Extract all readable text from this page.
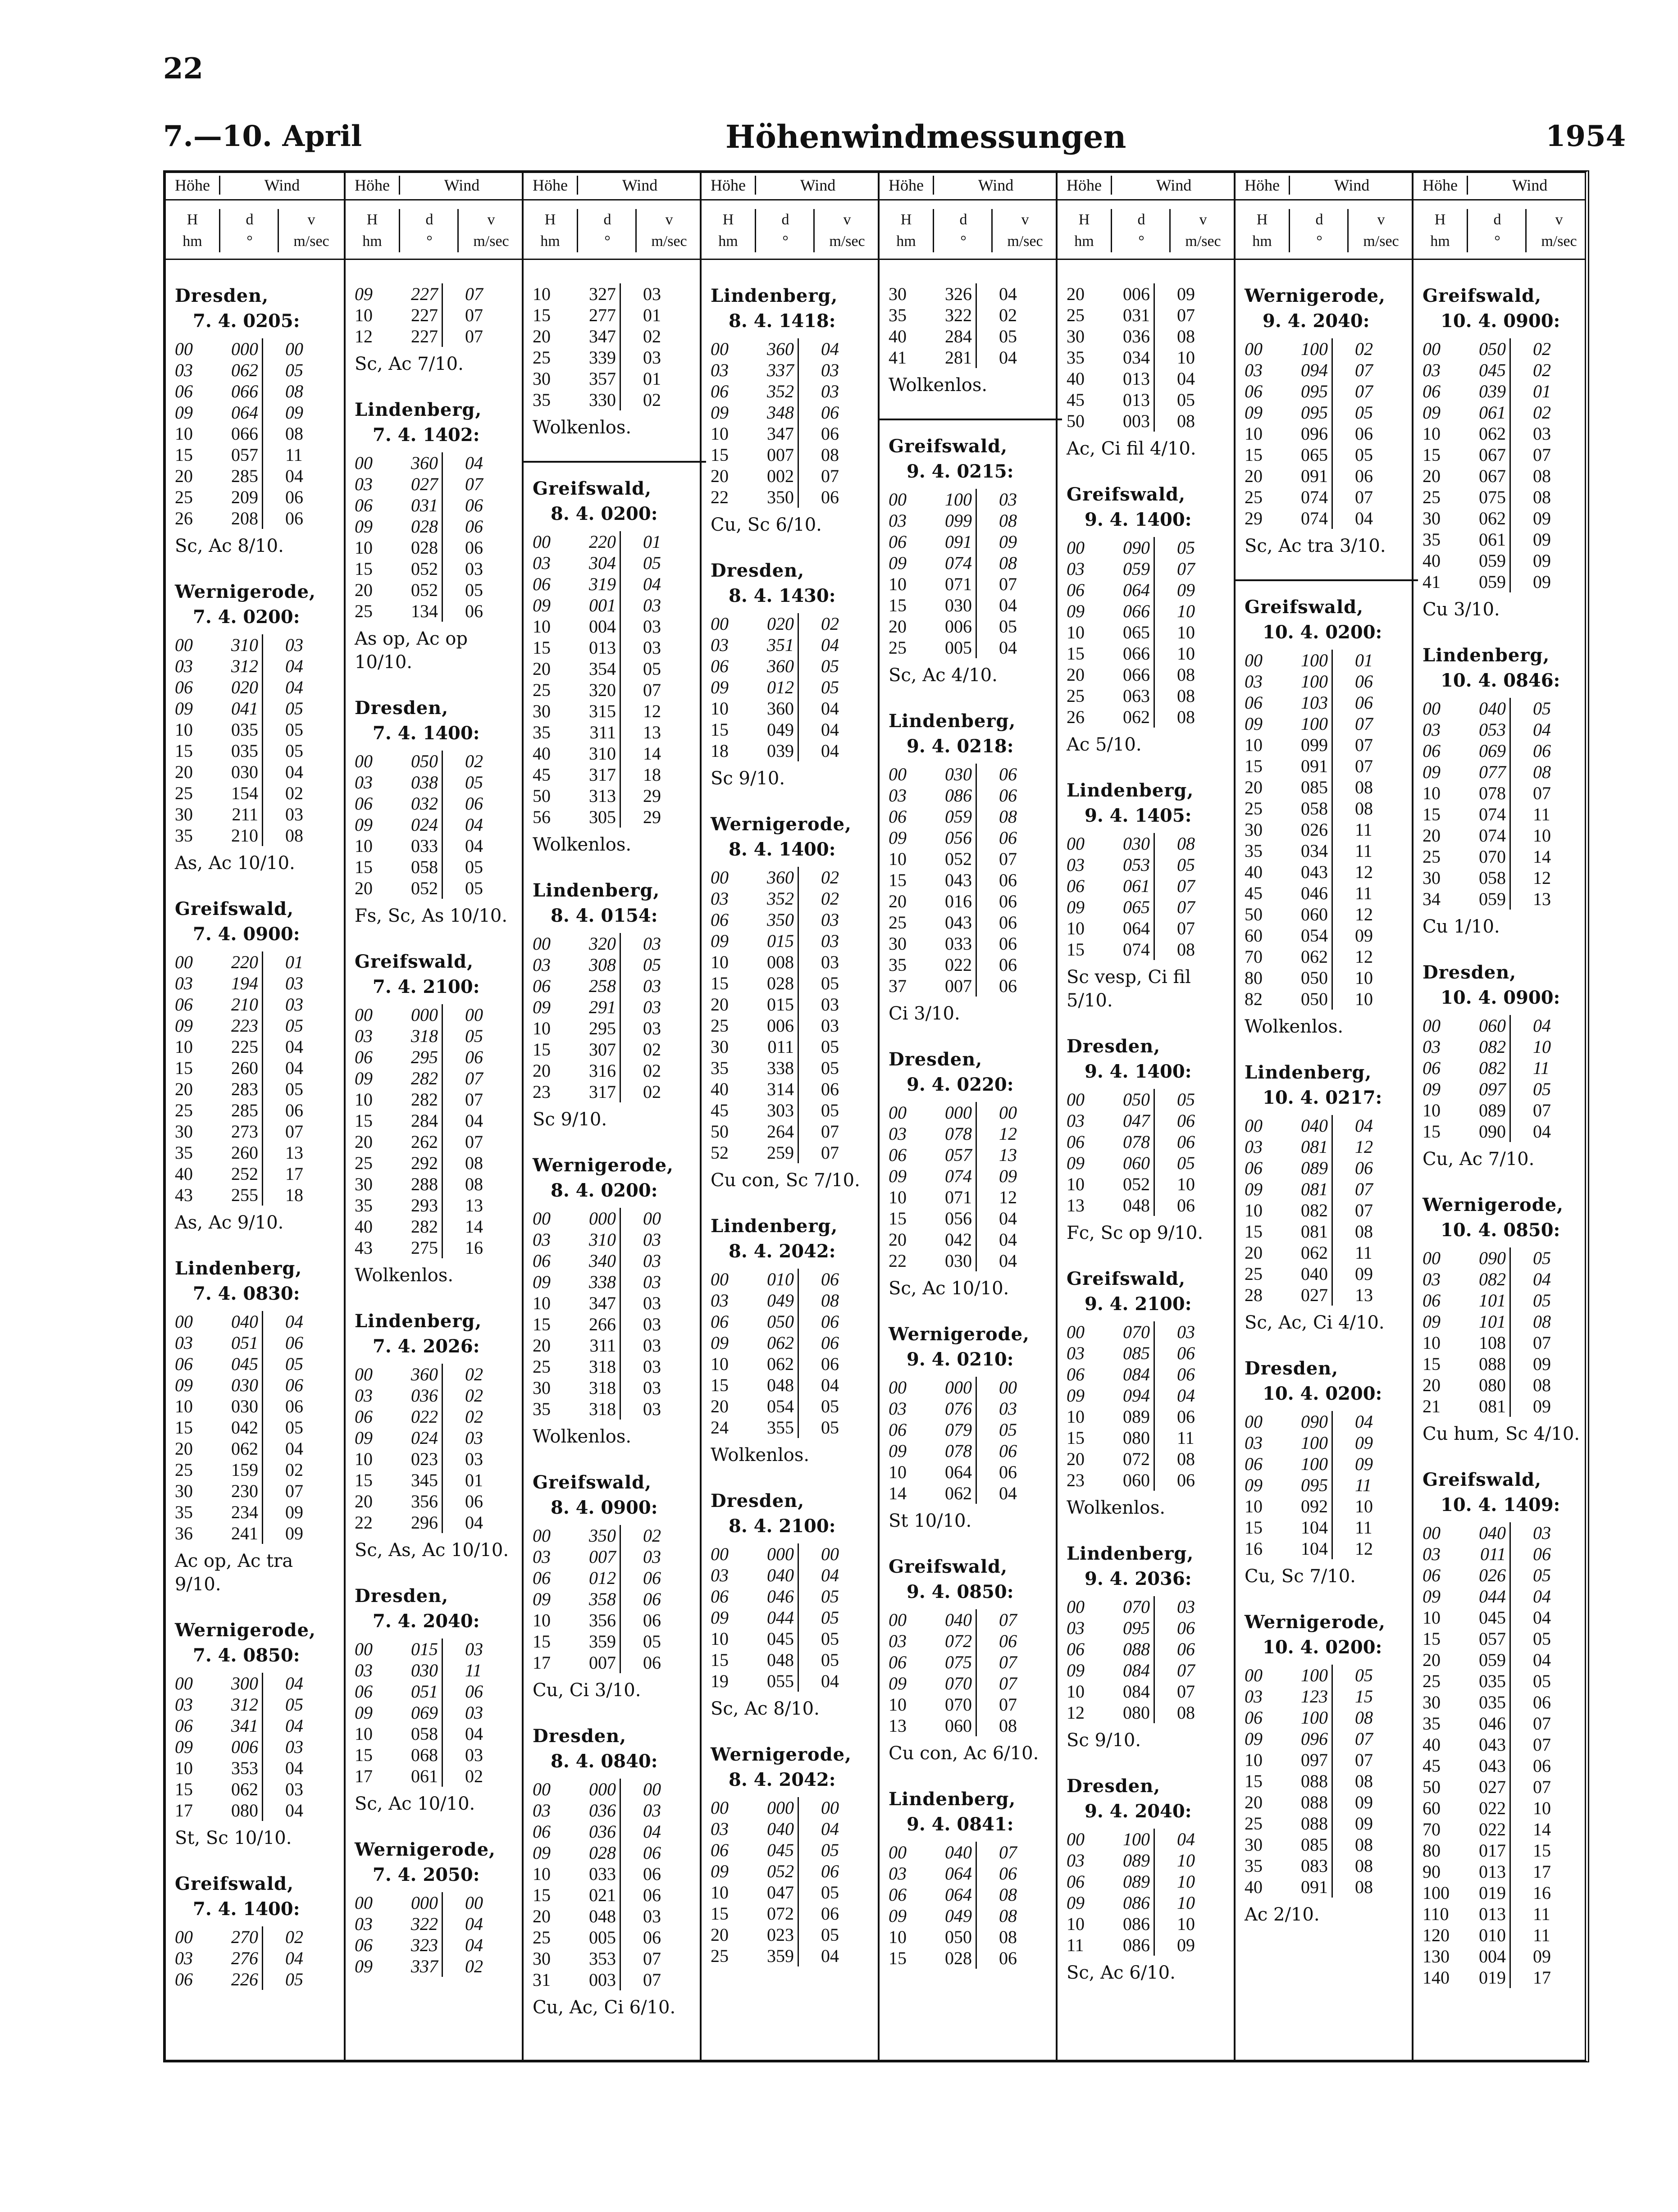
22
7.—10. April	Höhenwindmessungen	1954
Höhe	Wind
H
hm
d
°
v
m/sec
Dresden,
7. 4. 0205:
00	000 00
03	062 05
06	066 08
09	064 09
10	066 08
15	057 11
20	285 04
25	209 06
26	208 06
Sc, Ac 8/10.
Wernigerode,
7. 4. 0200:
00	310 03
03	312 04
06	020 04
09	041 05
10	035 05
15	035 05
20	030 04
25	154 02
30	211 03
35	210 08
As, Ac 10/10.
Greifswald,
7. 4. 0900:
00	220 01
03	194 03
06	210 03
09	223 05
10	225 04
15	260 04
20	283 05
25	285 06
30	273 07
35	260 13
40	252 17
43	255 18
As, Ac 9/10.
Lindenberg,
7. 4. 0830:
00	040 04
03	051 06
06	045 05
09	030 06
10	030 06
15	042 05
20	062 04
25	159 02
30	230 07
35	234 09
36	241 09
Ac op, Ac tra 9/10.
Wernigerode,
7. 4. 0850:
00	300 04
03	312 05
06	341 04
09	006 03
10	353 04
15	062 03
17	080 04
St, Sc 10/10.
Greifswald,
7. 4. 1400:
00	270 02
03	276 04
06	226 05
Höhe	Wind
H
hm
d
°
v
m/sec
09	227 07
10	227 07
12	227 07
Sc, Ac 7/10.
Lindenberg,
7. 4. 1402:
00	360 04
03	027 07
06	031 06
09	028 06
10	028 06
15	052 03
20	052 05
25	134 06
As op, Ac op 10/10.
Dresden,
7. 4. 1400:
00	050 02
03	038 05
06	032 06
09	024 04
10	033 04
15	058 05
20	052 05
Fs, Sc, As 10/10.
Greifswald,
7. 4. 2100:
00	000 00
03	318 05
06	295 06
09	282 07
10	282 07
15	284 04
20	262 07
25	292 08
30	288 08
35	293 13
40	282 14
43	275 16
Wolkenlos.
Lindenberg,
7. 4. 2026:
00	360 02
03	036 02
06	022 02
09	024 03
10	023 03
15	345 01
20	356 06
22	296 04
Sc, As, Ac 10/10.
Dresden,
7. 4. 2040:
00	015 03
03	030 11
06	051 06
09	069 03
10	058 04
15	068 03
17	061 02
Sc, Ac 10/10.
Wernigerode,
7. 4. 2050:
00	000 00
03	322 04
06	323 04
09	337 02
Höhe	Wind
H
hm
d
°
v
m/sec
10	327 03
15	277 01
20	347 02
25	339 03
30	357 01
35	330 02
Wolkenlos.
Greifswald,
8. 4. 0200:
00	220 01
03	304 05
06	319 04
09	001 03
10	004 03
15	013 03
20	354 05
25	320 07
30	315 12
35	311 13
40	310 14
45	317 18
50	313 29
56	305 29
Wolkenlos.
Lindenberg,
8. 4. 0154:
00	320 03
03	308 05
06	258 03
09	291 03
10	295 03
15	307 02
20	316 02
23	317 02
Sc 9/10.
Wernigerode,
8. 4. 0200:
00	000 00
03	310 03
06	340 03
09	338 03
10	347 03
15	266 03
20	311 03
25	318 03
30	318 03
35	318 03
Wolkenlos.
Greifswald,
8. 4. 0900:
00	350 02
03	007 03
06	012 06
09	358 06
10	356 06
15	359 05
17	007 06
Cu, Ci 3/10.
Dresden,
8. 4. 0840:
00	000 00
03	036 03
06	036 04
09	028 06
10	033 06
15	021 06
20	048 03
25	005 06
30	353 07
31	003 07
Cu, Ac, Ci 6/10.
Höhe	Wind
H
hm
d
°
v
m/sec
Lindenberg,
8. 4. 1418:
00	360 04
03	337 03
06	352 03
09	348 06
10	347 06
15	007 08
20	002 07
22	350 06
Cu, Sc 6/10.
Dresden,
8. 4. 1430:
00	020 02
03	351 04
06	360 05
09	012 05
10	360 04
15	049 04
18	039 04
Sc 9/10.
Wernigerode,
8. 4. 1400:
00	360 02
03	352 02
06	350 03
09	015 03
10	008 03
15	028 05
20	015 03
25	006 03
30	011 05
35	338 05
40	314 06
45	303 05
50	264 07
52	259 07
Cu con, Sc 7/10.
Lindenberg,
8. 4. 2042:
00	010 06
03	049 08
06	050 06
09	062 06
10	062 06
15	048 04
20	054 05
24	355 05
Wolkenlos.
Dresden,
8. 4. 2100:
00	000 00
03	040 04
06	046 05
09	044 05
10	045 05
15	048 05
19	055 04
Sc, Ac 8/10.
Wernigerode,
8. 4. 2042:
00	000 00
03	040 04
06	045 05
09	052 06
10	047 05
15	072 06
20	023 05
25	359 04
Höhe	Wind
H
hm
d
°
v
m/sec
30	326 04
35	322 02
40	284 05
41	281 04
Wolkenlos.
Greifswald,
9. 4. 0215:
00	100 03
03	099 08
06	091 09
09	074 08
10	071 07
15	030 04
20	006 05
25	005 04
Sc, Ac 4/10.
Lindenberg,
9. 4. 0218:
00	030 06
03	086 06
06	059 08
09	056 06
10	052 07
15	043 06
20	016 06
25	043 06
30	033 06
35	022 06
37	007 06
Ci 3/10.
Dresden,
9. 4. 0220:
00	000 00
03	078 12
06	057 13
09	074 09
10	071 12
15	056 04
20	042 04
22	030 04
Sc, Ac 10/10.
Wernigerode,
9. 4. 0210:
00	000 00
03	076 03
06	079 05
09	078 06
10	064 06
14	062 04
St 10/10.
Greifswald,
9. 4. 0850:
00	040 07
03	072 06
06	075 07
09	070 07
10	070 07
13	060 08
Cu con, Ac 6/10.
Lindenberg,
9. 4. 0841:
00	040 07
03	064 06
06	064 08
09	049 08
10	050 08
15	028 06
Höhe	Wind
H
hm
d
°
v
m/sec
20	006 09
25	031 07
30	036 08
35	034 10
40	013 04
45	013 05
50	003 08
Ac, Ci fil 4/10.
Greifswald,
9. 4. 1400:
00	090 05
03	059 07
06	064 09
09	066 10
10	065 10
15	066 10
20	066 08
25	063 08
26	062 08
Ac 5/10.
Lindenberg,
9. 4. 1405:
00	030 08
03	053 05
06	061 07
09	065 07
10	064 07
15	074 08
Sc vesp, Ci fil 5/10.
Dresden,
9. 4. 1400:
00	050 05
03	047 06
06	078 06
09	060 05
10	052 10
13	048 06
Fc, Sc op 9/10.
Greifswald,
9. 4. 2100:
00	070 03
03	085 06
06	084 06
09	094 04
10	089 06
15	080 11
20	072 08
23	060 06
Wolkenlos.
Lindenberg,
9. 4. 2036:
00	070 03
03	095 06
06	088 06
09	084 07
10	084 07
12	080 08
Sc 9/10.
Dresden,
9. 4. 2040:
00	100 04
03	089 10
06	089 10
09	086 10
10	086 10
11	086 09
Sc, Ac 6/10.
Höhe	Wind
H
hm
d
°
v
m/sec
Wernigerode,
9. 4. 2040:
00	100 02
03	094 07
06	095 07
09	095 05
10	096 06
15	065 05
20	091 06
25	074 07
29	074 04
Sc, Ac tra 3/10.
Greifswald,
10. 4. 0200:
00	100 01
03	100 06
06	103 06
09	100 07
10	099 07
15	091 07
20	085 08
25	058 08
30	026 11
35	034 11
40	043 12
45	046 11
50	060 12
60	054 09
70	062 12
80	050 10
82	050 10
Wolkenlos.
Lindenberg,
10. 4. 0217:
00	040 04
03	081 12
06	089 06
09	081 07
10	082 07
15	081 08
20	062 11
25	040 09
28	027 13
Sc, Ac, Ci 4/10.
Dresden,
10. 4. 0200:
00	090 04
03	100 09
06	100 09
09	095 11
10	092 10
15	104 11
16	104 12
Cu, Sc 7/10.
Wernigerode,
10. 4. 0200:
00	100 05
03	123 15
06	100 08
09	096 07
10	097 07
15	088 08
20	088 09
25	088 09
30	085 08
35	083 08
40	091 08
Ac 2/10.
Höhe	Wind
H
hm
d
°
v
m/sec
Greifswald,
10. 4. 0900:
00	050 02
03	045 02
06	039 01
09	061 02
10	062 03
15	067 07
20	067 08
25	075 08
30	062 09
35	061 09
40	059 09
41	059 09
Cu 3/10.
Lindenberg,
10. 4. 0846:
00	040 05
03	053 04
06	069 06
09	077 08
10	078 07
15	074 11
20	074 10
25	070 14
30	058 12
34	059 13
Cu 1/10.
Dresden,
10. 4. 0900:
00	060 04
03	082 10
06	082 11
09	097 05
10	089 07
15	090 04
Cu, Ac 7/10.
Wernigerode,
10. 4. 0850:
00	090 05
03	082 04
06	101 05
09	101 08
10	108 07
15	088 09
20	080 08
21	081 09
Cu hum, Sc 4/10.
Greifswald,
10. 4. 1409:
00	040 03
03	011 06
06	026 05
09	044 04
10	045 04
15	057 05
20	059 04
25	035 05
30	035 06
35	046 07
40	043 07
45	043 06
50	027 07
60	022 10
70	022 14
80	017 15
90	013 17
100	019 16
110	013 11
120	010 11
130	004 09
140	019 17
